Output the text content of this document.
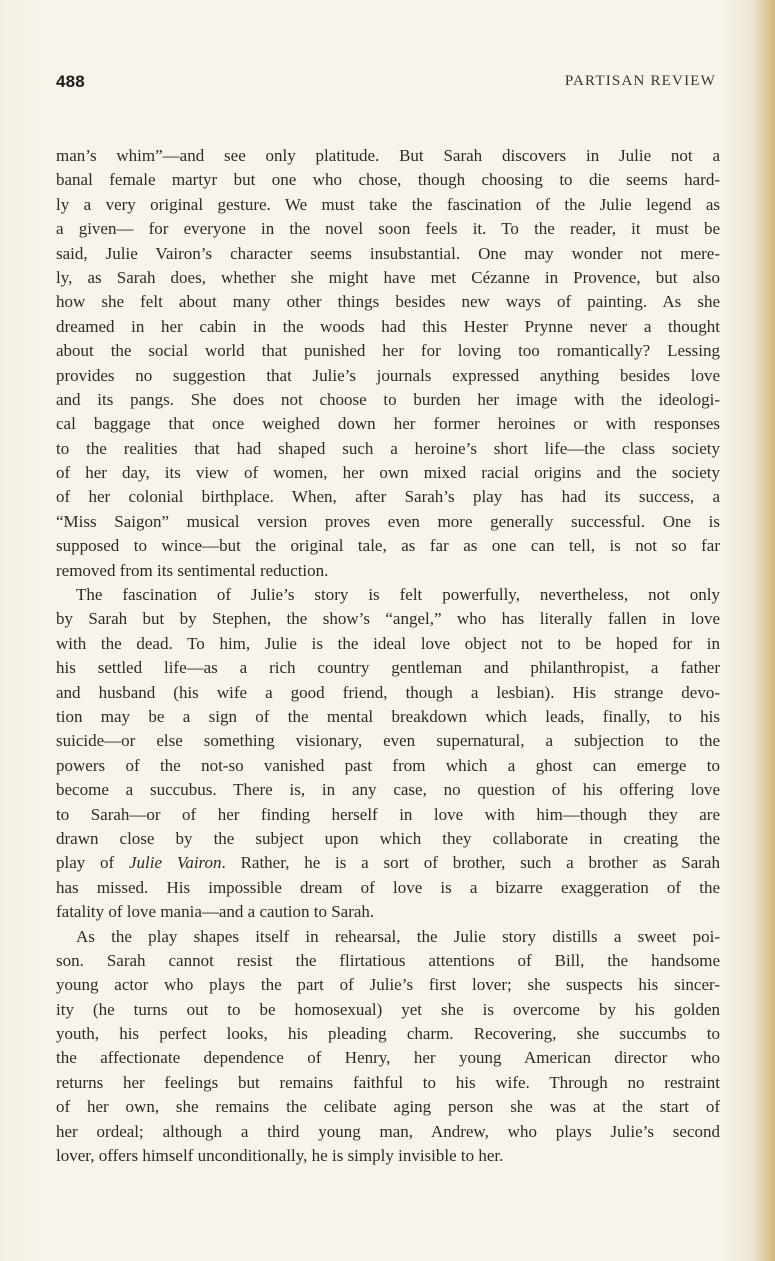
488	PARTISAN REVIEW
man’s whim”—and see only platitude. But Sarah discovers in Julie not a
banal female martyr but one who chose, though choosing to die seems hard-
ly a very original gesture. We must take the fascination of the Julie legend as
a given— for everyone in the novel soon feels it. To the reader, it must be
said, Julie Vairon’s character seems insubstantial. One may wonder not mere-
ly, as Sarah does, whether she might have met Cézanne in Provence, but also
how she felt about many other things besides new ways of painting. As she
dreamed in her cabin in the woods had this Hester Prynne never a thought
about the social world that punished her for loving too romantically? Lessing
provides no suggestion that Julie’s journals expressed anything besides love
and its pangs. She does not choose to burden her image with the ideologi-
cal baggage that once weighed down her former heroines or with responses
to the realities that had shaped such a heroine’s short life—the class society
of her day, its view of women, her own mixed racial origins and the society
of her colonial birthplace. When, after Sarah’s play has had its success, a
“Miss Saigon” musical version proves even more generally successful. One is
supposed to wince—but the original tale, as far as one can tell, is not so far
removed from its sentimental reduction.
The fascination of Julie’s story is felt powerfully, nevertheless, not only
by Sarah but by Stephen, the show’s “angel,” who has literally fallen in love
with the dead. To him, Julie is the ideal love object not to be hoped for in
his settled life—as a rich country gentleman and philanthropist, a father
and husband (his wife a good friend, though a lesbian). His strange devo-
tion may be a sign of the mental breakdown which leads, finally, to his
suicide—or else something visionary, even supernatural, a subjection to the
powers of the not-so vanished past from which a ghost can emerge to
become a succubus. There is, in any case, no question of his offering love
to Sarah—or of her finding herself in love with him—though they are
drawn close by the subject upon which they collaborate in creating the
play of Julie Vairon. Rather, he is a sort of brother, such a brother as Sarah
has missed. His impossible dream of love is a bizarre exaggeration of the
fatality of love mania—and a caution to Sarah.
As the play shapes itself in rehearsal, the Julie story distills a sweet poi-
son. Sarah cannot resist the flirtatious attentions of Bill, the handsome
young actor who plays the part of Julie’s first lover; she suspects his sincer-
ity (he turns out to be homosexual) yet she is overcome by his golden
youth, his perfect looks, his pleading charm. Recovering, she succumbs to
the affectionate dependence of Henry, her young American director who
returns her feelings but remains faithful to his wife. Through no restraint
of her own, she remains the celibate aging person she was at the start of
her ordeal; although a third young man, Andrew, who plays Julie’s second
lover, offers himself unconditionally, he is simply invisible to her.
